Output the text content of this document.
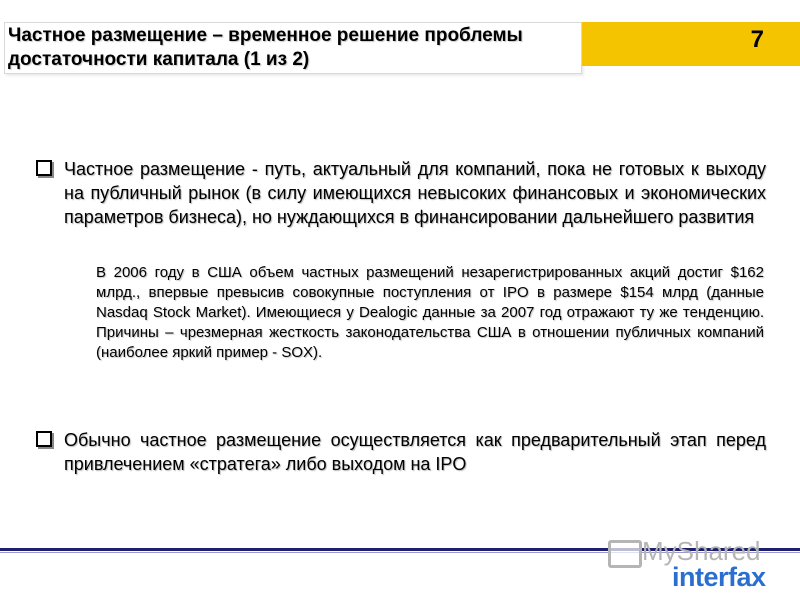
Частное размещение – временное решение проблемы достаточности капитала (1 из 2)
7
Частное размещение - путь, актуальный для компаний, пока не готовых к выходу на публичный рынок (в силу имеющихся невысоких финансовых и экономических параметров бизнеса), но нуждающихся в финансировании дальнейшего развития
В 2006 году в США объем частных размещений незарегистрированных акций достиг $162 млрд., впервые превысив совокупные поступления от IPO в размере $154 млрд (данные Nasdaq Stock Market). Имеющиеся у Dealogic данные за 2007 год отражают ту же тенденцию. Причины – чрезмерная жесткость законодательства США в отношении публичных компаний (наиболее яркий пример - SOX).
Обычно частное размещение осуществляется как предварительный этап перед привлечением «стратега» либо выходом на IPO
MyShared
interfax
